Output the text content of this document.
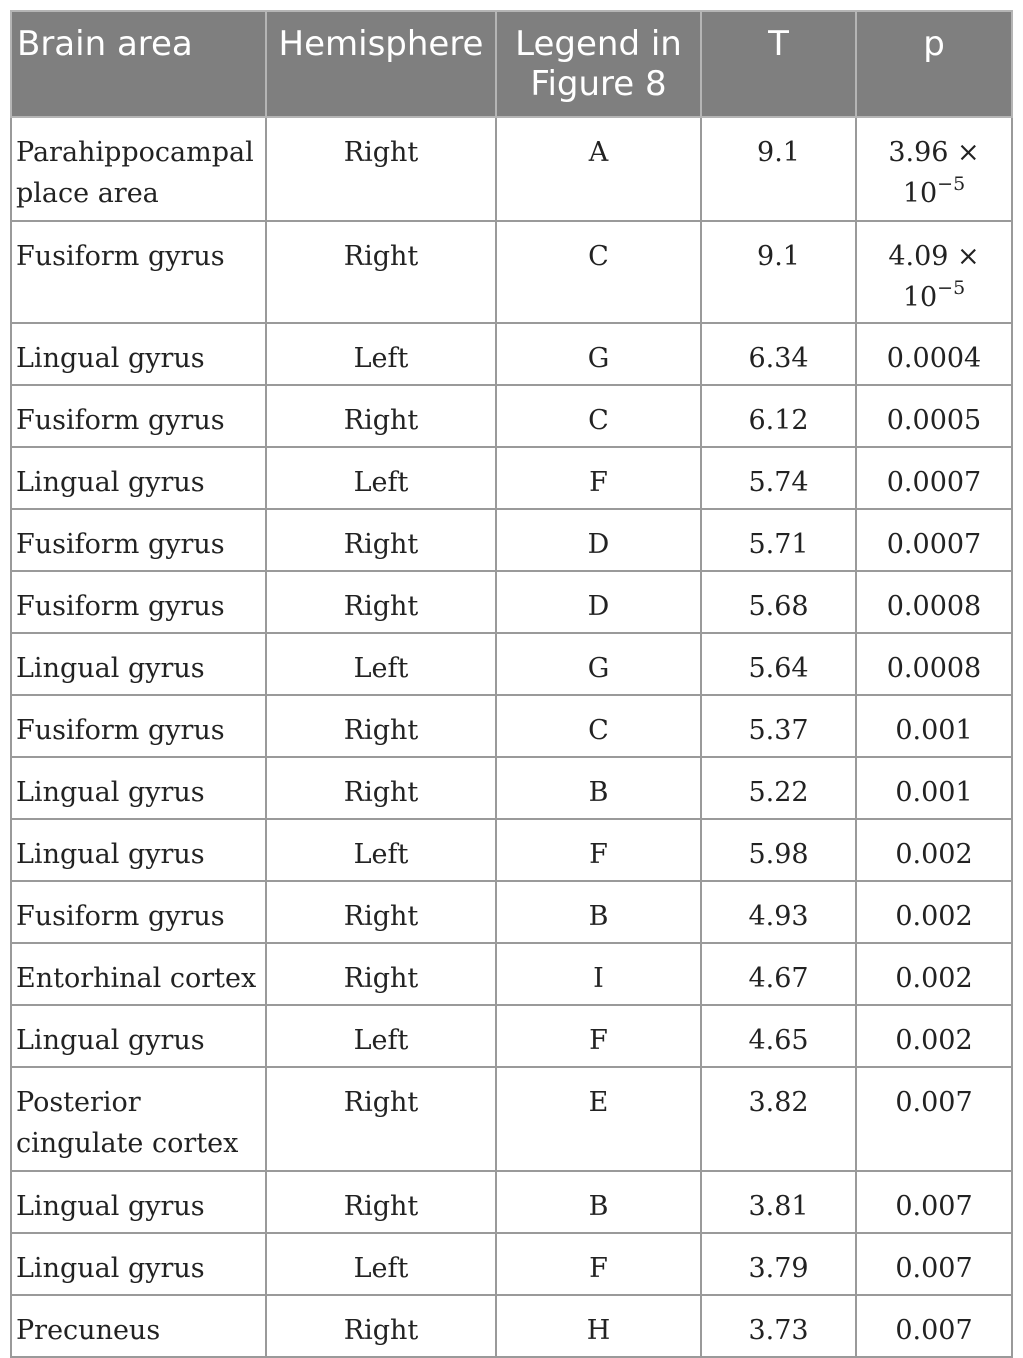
Brain area	Hemisphere	Legend in Figure 8	T	p
Parahippocampal place area	Right	A	9.1	$3.96 \times 10^{-5}$
Fusiform gyrus	Right	C	9.1	$4.09 \times 10^{-5}$
Lingual gyrus	Left	G	6.34	0.0004
Fusiform gyrus	Right	C	6.12	0.0005
Lingual gyrus	Left	F	5.74	0.0007
Fusiform gyrus	Right	D	5.71	0.0007
Fusiform gyrus	Right	D	5.68	0.0008
Lingual gyrus	Left	G	5.64	0.0008
Fusiform gyrus	Right	C	5.37	0.001
Lingual gyrus	Right	B	5.22	0.001
Lingual gyrus	Left	F	5.98	0.002
Fusiform gyrus	Right	B	4.93	0.002
Entorhinal cortex	Right	I	4.67	0.002
Lingual gyrus	Left	F	4.65	0.002
Posterior cingulate cortex	Right	E	3.82	0.007
Lingual gyrus	Right	B	3.81	0.007
Lingual gyrus	Left	F	3.79	0.007
Precuneus	Right	H	3.73	0.007
